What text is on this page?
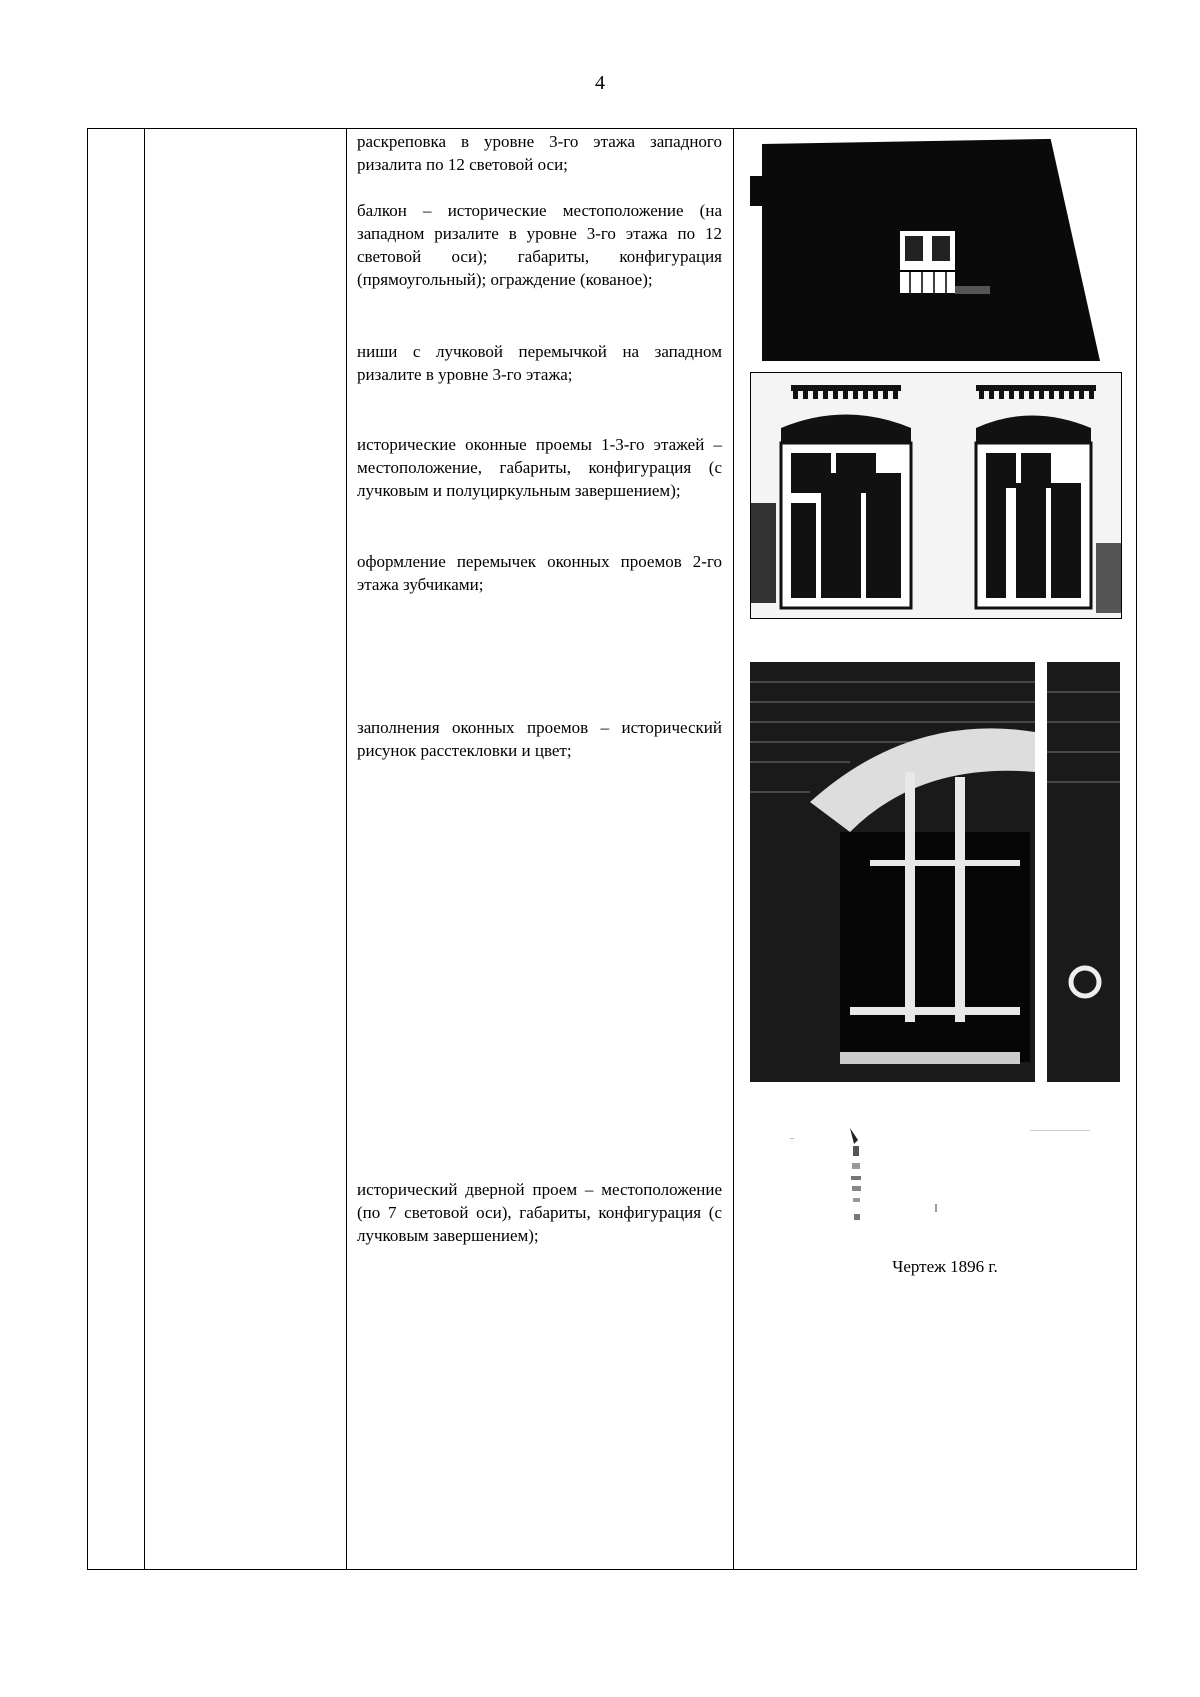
4

раскреповка в уровне 3-го этажа западного ризалита по 12 световой оси;

балкон – исторические местоположение (на западном ризалите в уровне 3-го этажа по 12 световой оси); габариты, конфигурация (прямоугольный); ограждение (кованое);

ниши с лучковой перемычкой на западном ризалите в уровне 3-го этажа;

исторические оконные проемы 1-3-го этажей – местоположение, габариты, конфигурация (с лучковым и полуциркульным завершением);

оформление перемычек оконных проемов 2-го этажа зубчиками;

заполнения оконных проемов – исторический рисунок расстекловки и цвет;

исторический дверной проем – местоположение (по 7 световой оси), габариты, конфигурация (с лучковым завершением);

Чертеж 1896 г.
